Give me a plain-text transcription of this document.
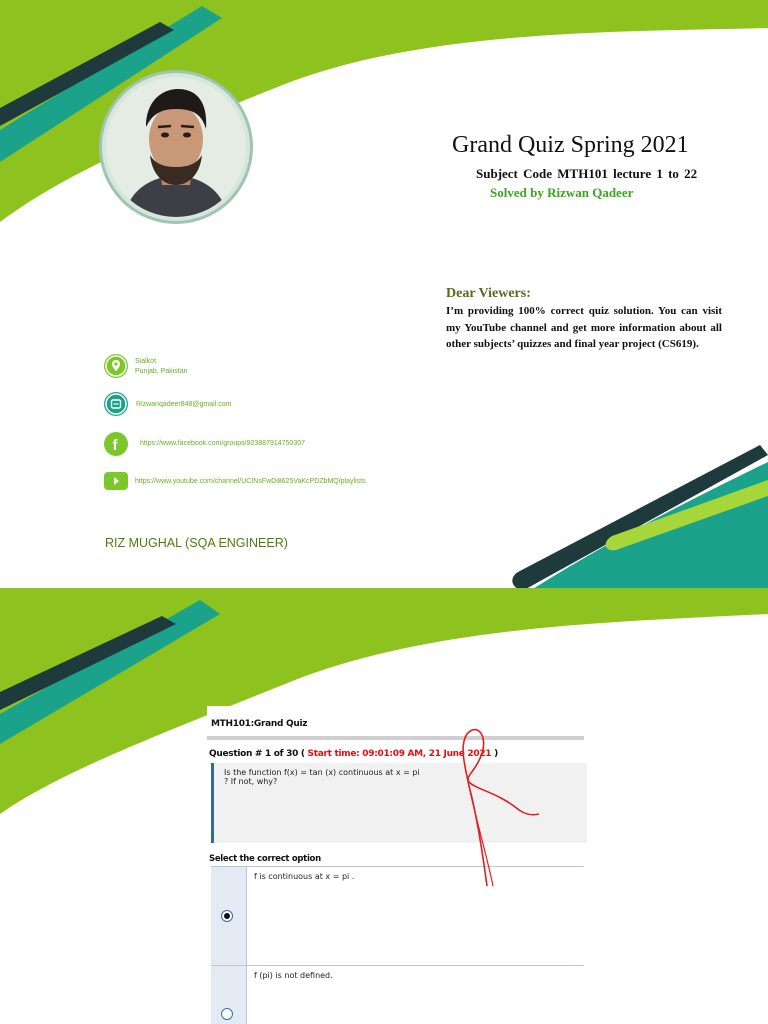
Grand Quiz Spring 2021
Subject Code MTH101 lecture 1 to 22
Solved by Rizwan Qadeer
Dear Viewers:
I’m providing 100% correct quiz solution. You can visit my YouTube channel and get more information about all other subjects’ quizzes and final year project (CS619).
Sialkot
Punjab, Pakistan
Rizwanqadeer848@gmail.com
f	https://www.facebook.com/groups/923887914750307
https://www.youtube.com/channel/UCINsFwDi8625VaKcPDZbMQ/playlists
RIZ MUGHAL (SQA ENGINEER)
MTH101:Grand Quiz
Question # 1 of 30 ( Start time: 09:01:09 AM, 21 June 2021 )
Is the function f(x) = tan (x) continuous at x = pi ? If not, why?
Select the correct option
f is continuous at x = pi .
f (pi) is not defined.
